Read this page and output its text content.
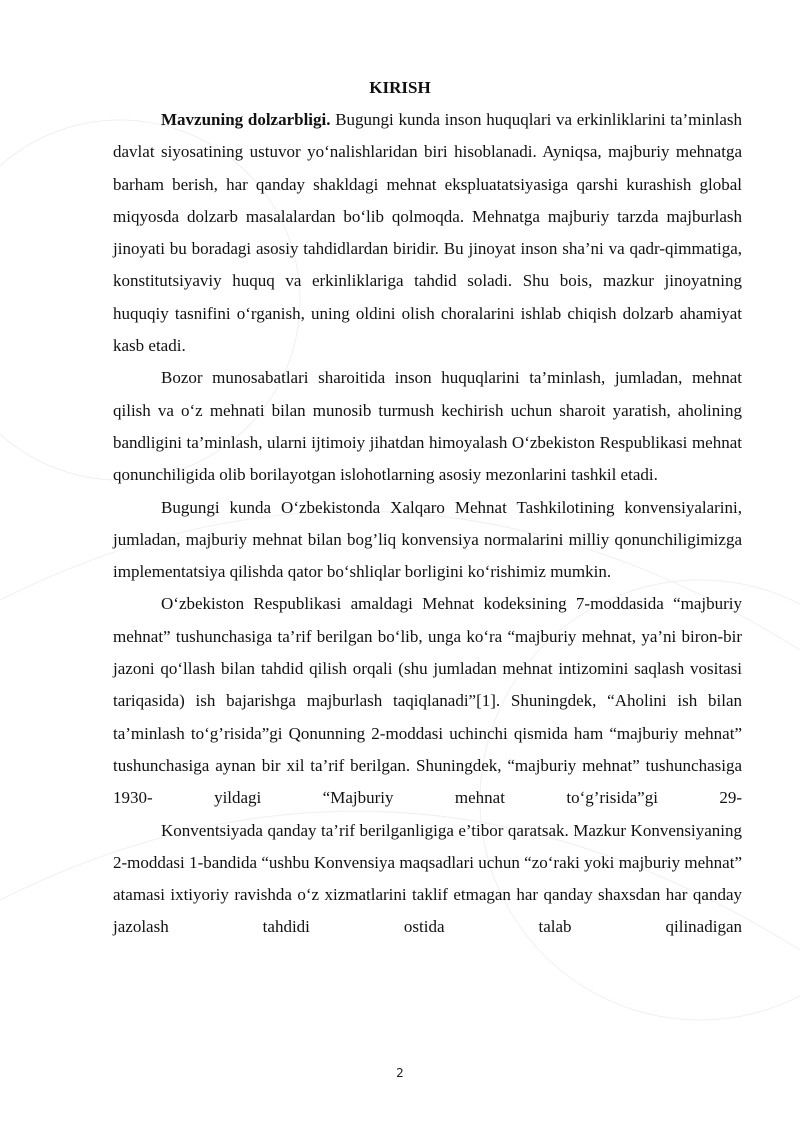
KIRISH

Mavzuning dolzarbligi. Bugungi kunda inson huquqlari va erkinliklarini ta’minlash davlat siyosatining ustuvor yo‘nalishlaridan biri hisoblanadi. Ayniqsa, majburiy mehnatga barham berish, har qanday shakldagi mehnat ekspluatatsiyasiga qarshi kurashish global miqyosda dolzarb masalalardan bo‘lib qolmoqda. Mehnatga majburiy tarzda majburlash jinoyati bu boradagi asosiy tahdidlardan biridir. Bu jinoyat inson sha’ni va qadr-qimmatiga, konstitutsiyaviy huquq va erkinliklariga tahdid soladi. Shu bois, mazkur jinoyatning huquqiy tasnifini o‘rganish, uning oldini olish choralarini ishlab chiqish dolzarb ahamiyat kasb etadi.

Bozor munosabatlari sharoitida inson huquqlarini ta’minlash, jumladan, mehnat qilish va o‘z mehnati bilan munosib turmush kechirish uchun sharoit yaratish, aholining bandligini ta’minlash, ularni ijtimoiy jihatdan himoyalash O‘zbekiston Respublikasi mehnat qonunchiligida olib borilayotgan islohotlarning asosiy mezonlarini tashkil etadi.

Bugungi kunda O‘zbekistonda Xalqaro Mehnat Tashkilotining konvensiyalarini, jumladan, majburiy mehnat bilan bog’liq konvensiya normalarini milliy qonunchiligimizga implementatsiya qilishda qator bo‘shliqlar borligini ko‘rishimiz mumkin.

O‘zbekiston Respublikasi amaldagi Mehnat kodeksining 7-moddasida “majburiy mehnat” tushunchasiga ta’rif berilgan bo‘lib, unga ko‘ra “majburiy mehnat, ya’ni biron-bir jazoni qo‘llash bilan tahdid qilish orqali (shu jumladan mehnat intizomini saqlash vositasi tariqasida) ish bajarishga majburlash taqiqlanadi”[1]. Shuningdek, “Aholini ish bilan ta’minlash to‘g’risida”gi Qonunning 2-moddasi uchinchi qismida ham “majburiy mehnat” tushunchasiga aynan bir xil ta’rif berilgan. Shuningdek, “majburiy mehnat” tushunchasiga 1930- yildagi “Majburiy mehnat to‘g’risida”gi 29-

Konventsiyada qanday ta’rif berilganligiga e’tibor qaratsak. Mazkur Konvensiyaning 2-moddasi 1-bandida “ushbu Konvensiya maqsadlari uchun “zo‘raki yoki majburiy mehnat” atamasi ixtiyoriy ravishda o‘z xizmatlarini taklif etmagan har qanday shaxsdan har qanday jazolash tahdidi ostida talab qilinadigan

2
